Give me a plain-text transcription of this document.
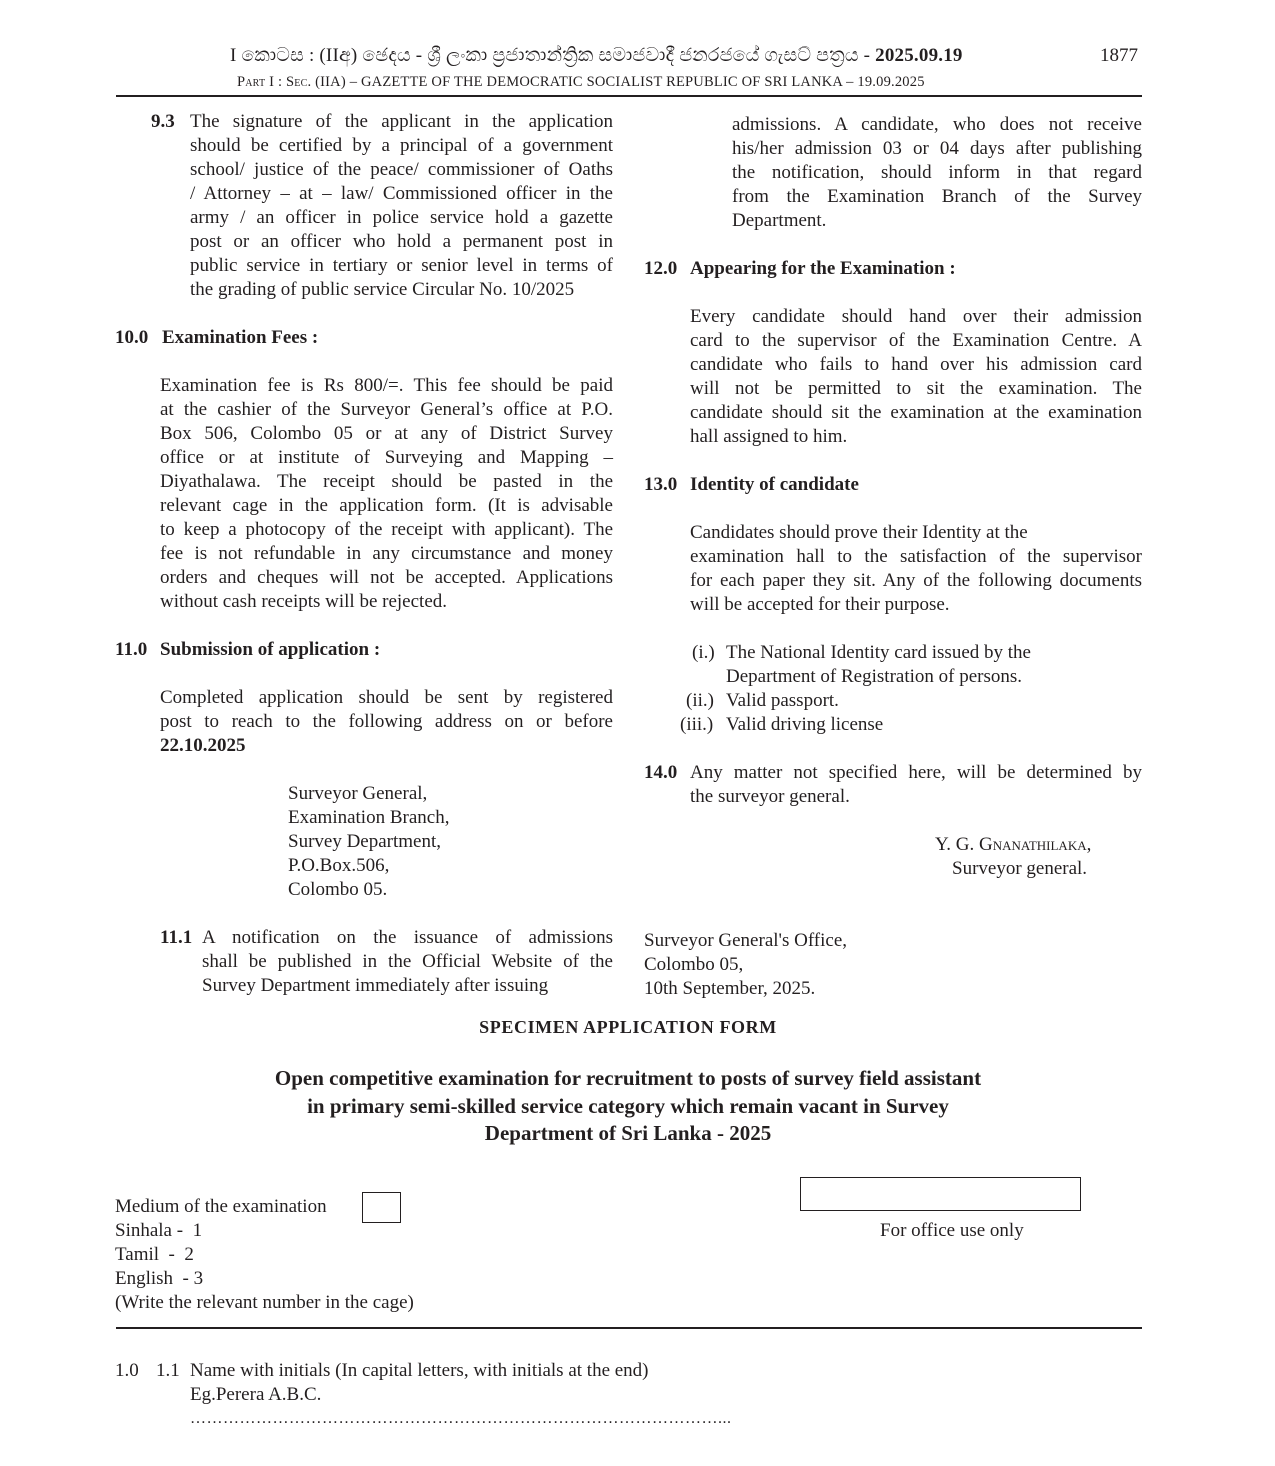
I කොටස : (IIඅ) ඡෙදය - ශ්‍රී ලංකා ප්‍රජාතාන්ත්‍රික සමාජවාදී ජනරජයේ ගැසට් පත්‍රය - 2025.09.19	1877
Part I : Sec. (IIA) – GAZETTE OF THE DEMOCRATIC SOCIALIST REPUBLIC OF SRI LANKA – 19.09.2025
9.3 The signature of the applicant in the application
should be certified by a principal of a government
school/ justice of the peace/ commissioner of Oaths
/ Attorney – at – law/ Commissioned officer in the
army / an officer in police service hold a gazette
post or an officer who hold a permanent post in
public service in tertiary or senior level in terms of
the grading of public service Circular No. 10/2025
10.0 Examination Fees :
Examination fee is Rs 800/=. This fee should be paid
at the cashier of the Surveyor General’s office at P.O.
Box 506, Colombo 05 or at any of District Survey
office or at institute of Surveying and Mapping –
Diyathalawa. The receipt should be pasted in the
relevant cage in the application form. (It is advisable
to keep a photocopy of the receipt with applicant). The
fee is not refundable in any circumstance and money
orders and cheques will not be accepted. Applications
without cash receipts will be rejected.
11.0 Submission of application :
Completed application should be sent by registered
post to reach to the following address on or before
22.10.2025
Surveyor General,
Examination Branch,
Survey Department,
P.O.Box.506,
Colombo 05.
11.1 A notification on the issuance of admissions
shall be published in the Official Website of the
Survey Department immediately after issuing
admissions. A candidate, who does not receive
his/her admission 03 or 04 days after publishing
the notification, should inform in that regard
from the Examination Branch of the Survey
Department.
12.0 Appearing for the Examination :
Every candidate should hand over their admission
card to the supervisor of the Examination Centre. A
candidate who fails to hand over his admission card
will not be permitted to sit the examination. The
candidate should sit the examination at the examination
hall assigned to him.
13.0 Identity of candidate
Candidates should prove their Identity at the
examination hall to the satisfaction of the supervisor
for each paper they sit. Any of the following documents
will be accepted for their purpose.
(i.) The National Identity card issued by the
Department of Registration of persons.
(ii.) Valid passport.
(iii.) Valid driving license
14.0 Any matter not specified here, will be determined by
the surveyor general.
Y. G. Gnanathilaka,
Surveyor general.
Surveyor General's Office,
Colombo 05,
10th September, 2025.
SPECIMEN APPLICATION FORM
Open competitive examination for recruitment to posts of survey field assistant
in primary semi-skilled service category which remain vacant in Survey
Department of Sri Lanka - 2025
Medium of the examination
Sinhala -  1
Tamil  -  2
English  - 3
(Write the relevant number in the cage)
For office use only
1.0 1.1 Name with initials (In capital letters, with initials at the end)
Eg.Perera A.B.C.
……………………………………………………………………………………...
